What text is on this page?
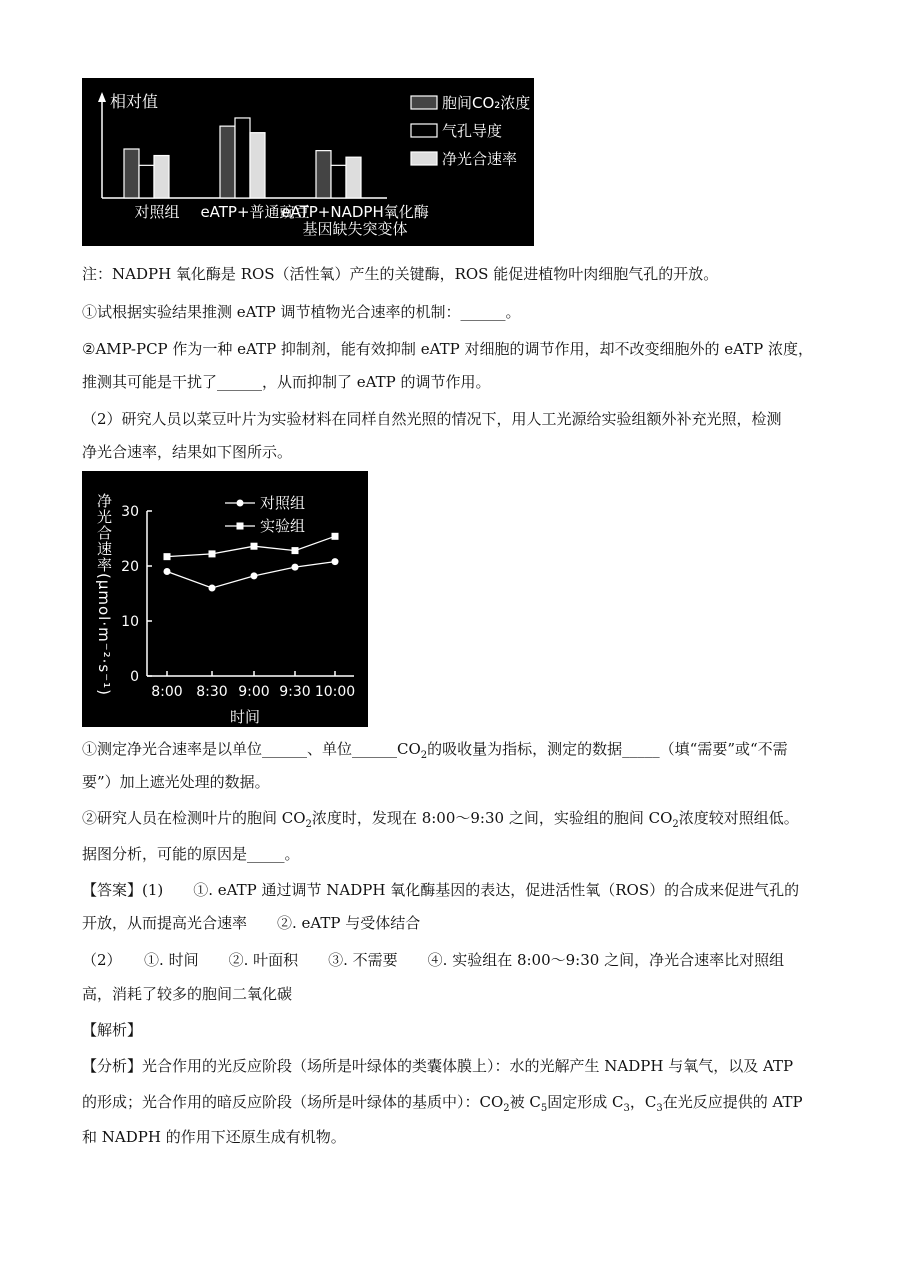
相对值
对照组 eATP+普通豌豆
eATP+NADPH氧化酶
基因缺失突变体
胞间CO₂浓度
气孔导度
净光合速率
注：NADPH 氧化酶是 ROS（活性氧）产生的关键酶，ROS 能促进植物叶肉细胞气孔的开放。
①试根据实验结果推测 eATP 调节植物光合速率的机制：______。
②AMP-PCP 作为一种 eATP 抑制剂，能有效抑制 eATP 对细胞的调节作用，却不改变细胞外的 eATP 浓度，
推测其可能是干扰了______，从而抑制了 eATP 的调节作用。
（2）研究人员以菜豆叶片为实验材料在同样自然光照的情况下，用人工光源给实验组额外补充光照，检测
净光合速率，结果如下图所示。
0
10
20
30
8:00 8:30 9:00 9:30 10:00
时间
净光合速率(μmol·m⁻²·s⁻¹)	对照组
实验组
①测定净光合速率是以单位______、单位$\_\_\_\_\_\_CO_2$的吸收量为指标，测定的数据_____（填“需要”或“不需
要”）加上遮光处理的数据。
②研究人员在检测叶片的胞间 $CO_2$浓度时，发现在 8:00～9:30 之间，实验组的胞间 $CO_2$浓度较对照组低。
据图分析，可能的原因是_____。
【答案】(1)　　①. eATP 通过调节 NADPH 氧化酶基因的表达，促进活性氧（ROS）的合成来促进气孔的
开放，从而提高光合速率　　②. eATP 与受体结合
（2）　　①. 时间　　②. 叶面积　　③. 不需要　　④. 实验组在 8:00～9:30 之间，净光合速率比对照组
高，消耗了较多的胞间二氧化碳
【解析】
【分析】光合作用的光反应阶段（场所是叶绿体的类囊体膜上）：水的光解产生 NADPH 与氧气，以及 ATP
的形成；光合作用的暗反应阶段（场所是叶绿体的基质中）：$CO_2$被 $C_5$固定形成 $C_3$，$C_3$在光反应提供的 ATP
和 NADPH 的作用下还原生成有机物。
